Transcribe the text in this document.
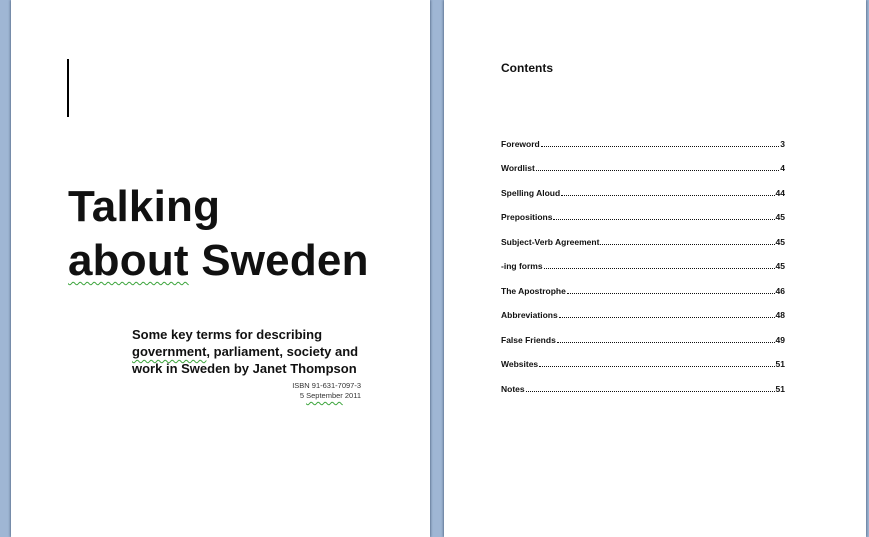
Talking
about Sweden

Some key terms for describing
government, parliament, society and
work in Sweden by Janet Thompson

ISBN 91-631-7097-3
5 September 2011
Contents
Foreword	3
Wordlist	4
Spelling Aloud	44
Prepositions	45
Subject-Verb Agreement	45
-ing forms	45
The Apostrophe	46
Abbreviations	48
False Friends	49
Websites	51
Notes	51
